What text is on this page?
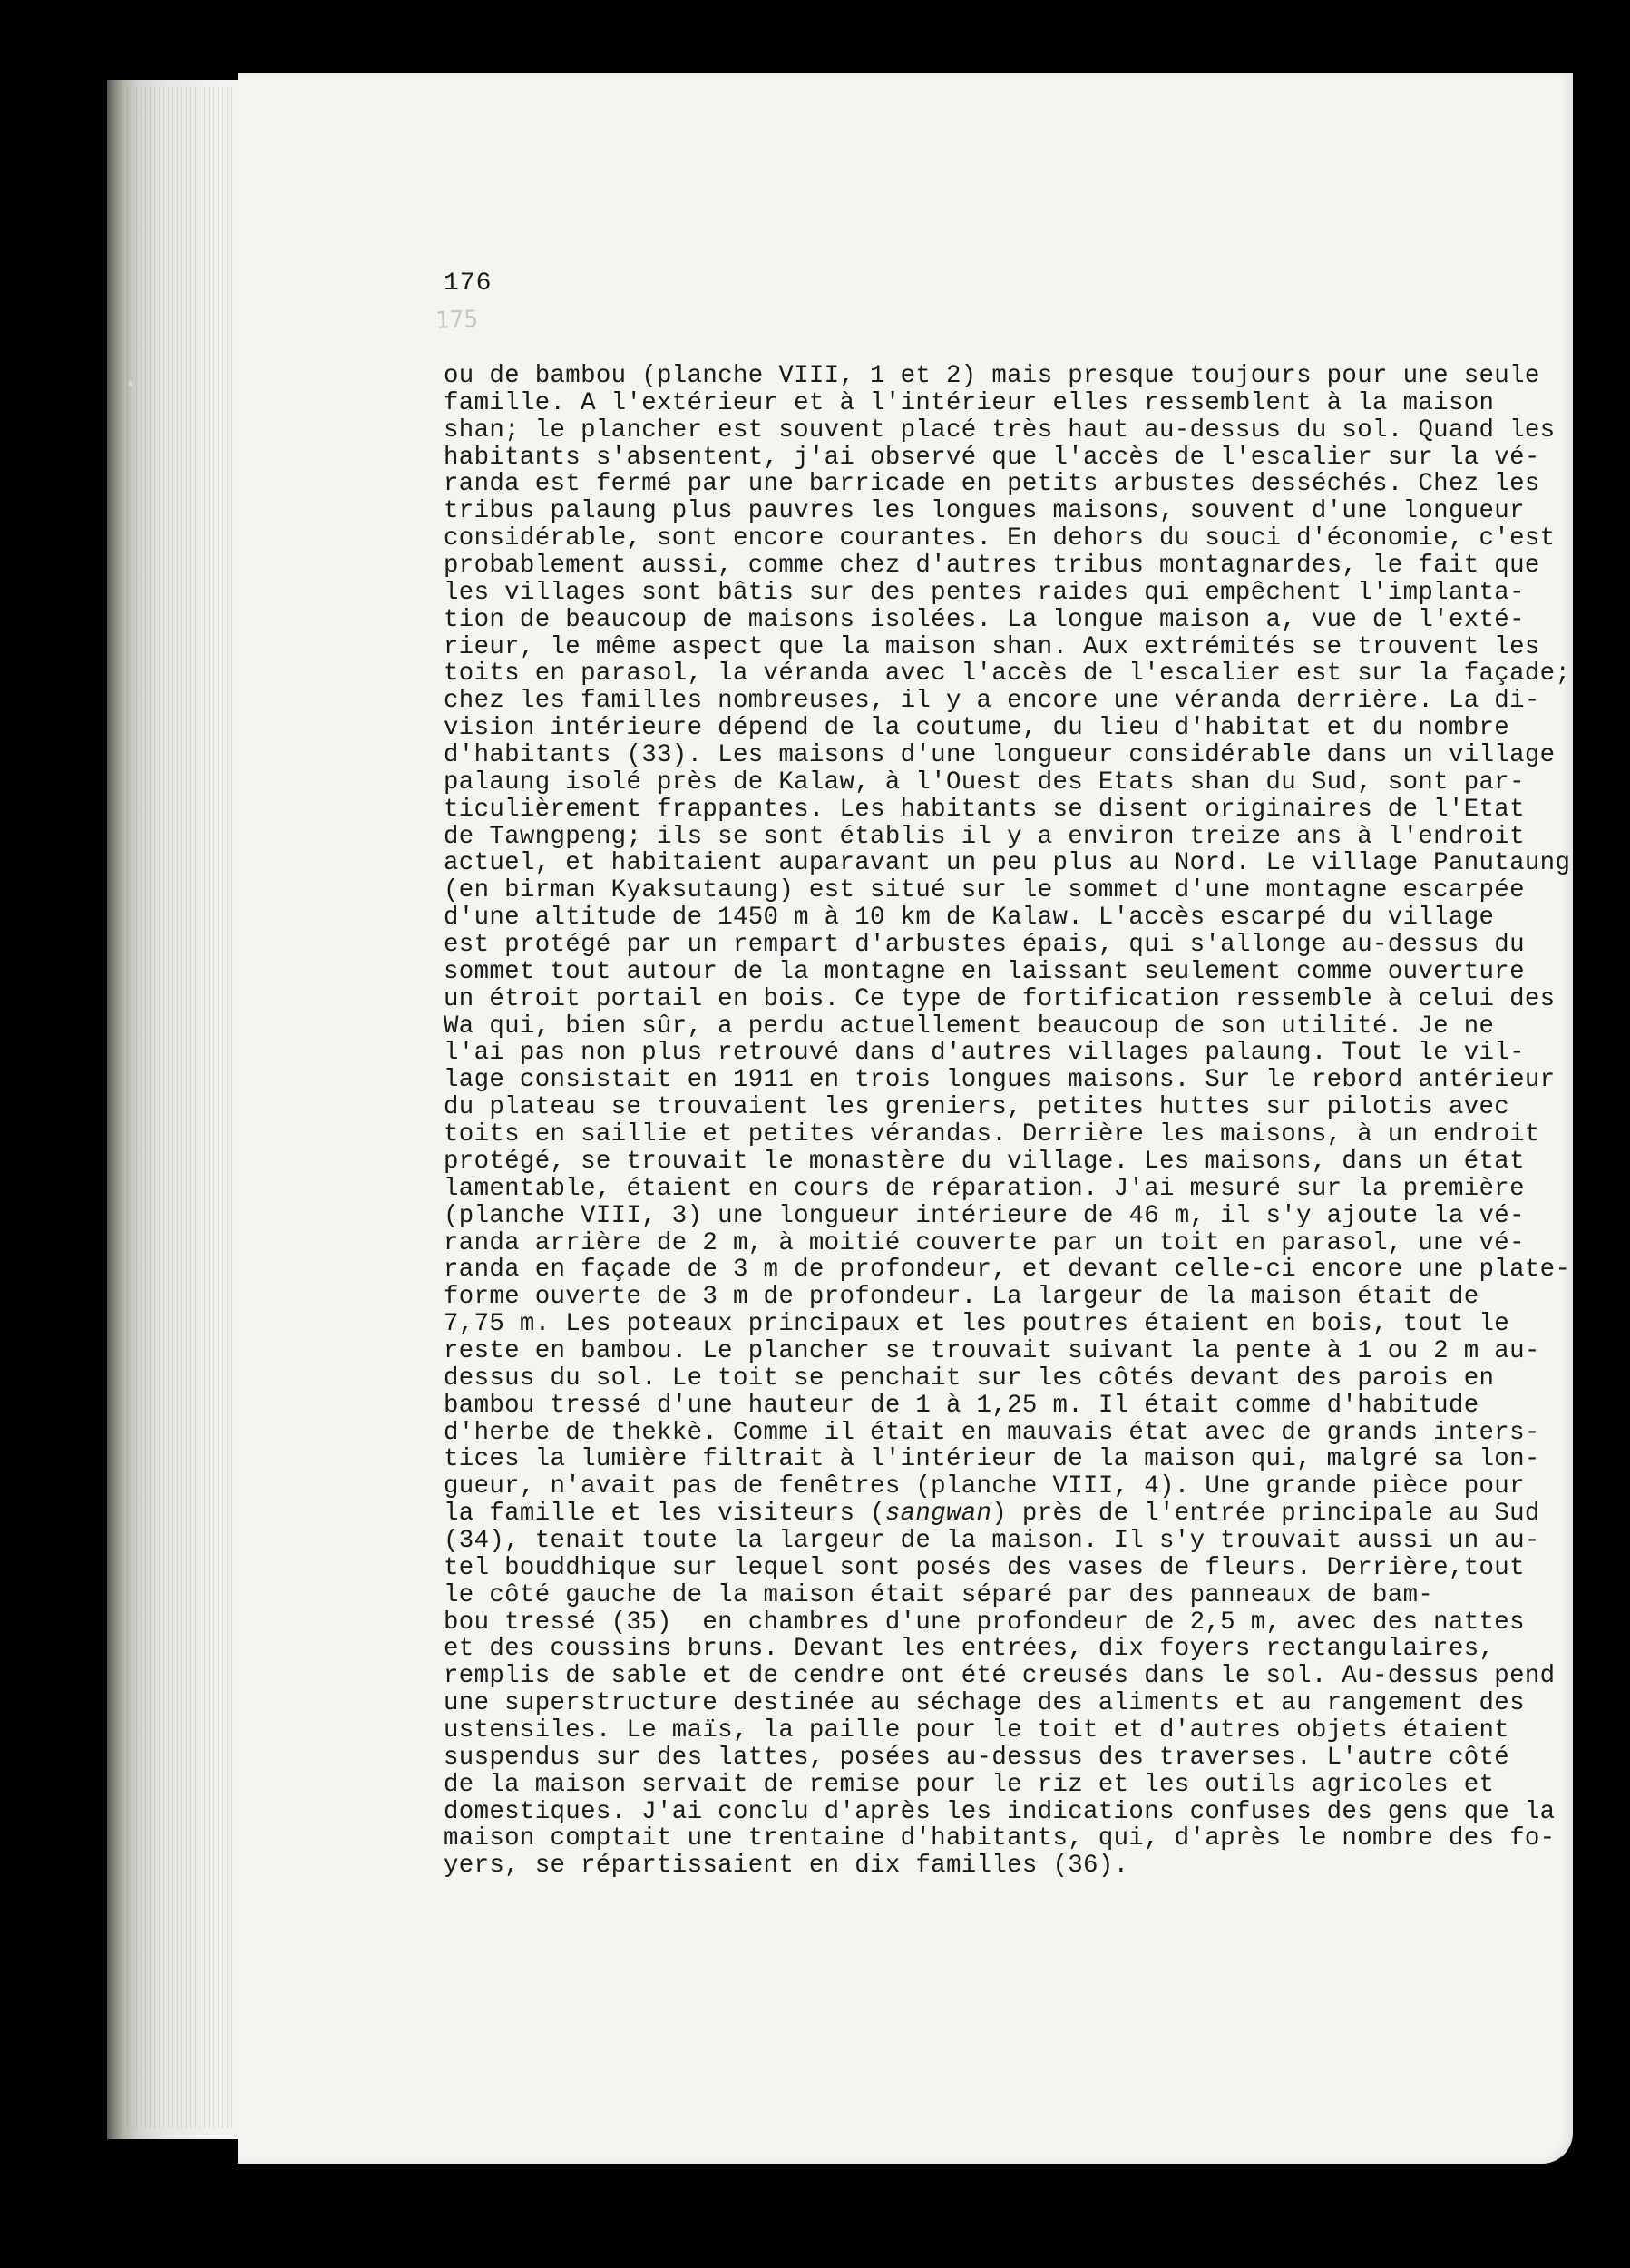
175
176
ou de bambou (planche VIII, 1 et 2) mais presque toujours pour une seule
famille. A l'extérieur et à l'intérieur elles ressemblent à la maison
shan; le plancher est souvent placé très haut au-dessus du sol. Quand les
habitants s'absentent, j'ai observé que l'accès de l'escalier sur la vé-
randa est fermé par une barricade en petits arbustes desséchés. Chez les
tribus palaung plus pauvres les longues maisons, souvent d'une longueur
considérable, sont encore courantes. En dehors du souci d'économie, c'est
probablement aussi, comme chez d'autres tribus montagnardes, le fait que
les villages sont bâtis sur des pentes raides qui empêchent l'implanta-
tion de beaucoup de maisons isolées. La longue maison a, vue de l'exté-
rieur, le même aspect que la maison shan. Aux extrémités se trouvent les
toits en parasol, la véranda avec l'accès de l'escalier est sur la façade;
chez les familles nombreuses, il y a encore une véranda derrière. La di-
vision intérieure dépend de la coutume, du lieu d'habitat et du nombre
d'habitants (33). Les maisons d'une longueur considérable dans un village
palaung isolé près de Kalaw, à l'Ouest des Etats shan du Sud, sont par-
ticulièrement frappantes. Les habitants se disent originaires de l'Etat
de Tawngpeng; ils se sont établis il y a environ treize ans à l'endroit
actuel, et habitaient auparavant un peu plus au Nord. Le village Panutaung
(en birman Kyaksutaung) est situé sur le sommet d'une montagne escarpée
d'une altitude de 1450 m à 10 km de Kalaw. L'accès escarpé du village
est protégé par un rempart d'arbustes épais, qui s'allonge au-dessus du
sommet tout autour de la montagne en laissant seulement comme ouverture
un étroit portail en bois. Ce type de fortification ressemble à celui des
Wa qui, bien sûr, a perdu actuellement beaucoup de son utilité. Je ne
l'ai pas non plus retrouvé dans d'autres villages palaung. Tout le vil-
lage consistait en 1911 en trois longues maisons. Sur le rebord antérieur
du plateau se trouvaient les greniers, petites huttes sur pilotis avec
toits en saillie et petites vérandas. Derrière les maisons, à un endroit
protégé, se trouvait le monastère du village. Les maisons, dans un état
lamentable, étaient en cours de réparation. J'ai mesuré sur la première
(planche VIII, 3) une longueur intérieure de 46 m, il s'y ajoute la vé-
randa arrière de 2 m, à moitié couverte par un toit en parasol, une vé-
randa en façade de 3 m de profondeur, et devant celle-ci encore une plate-
forme ouverte de 3 m de profondeur. La largeur de la maison était de
7,75 m. Les poteaux principaux et les poutres étaient en bois, tout le
reste en bambou. Le plancher se trouvait suivant la pente à 1 ou 2 m au-
dessus du sol. Le toit se penchait sur les côtés devant des parois en
bambou tressé d'une hauteur de 1 à 1,25 m. Il était comme d'habitude
d'herbe de thekkè. Comme il était en mauvais état avec de grands inters-
tices la lumière filtrait à l'intérieur de la maison qui, malgré sa lon-
gueur, n'avait pas de fenêtres (planche VIII, 4). Une grande pièce pour
la famille et les visiteurs (sangwan) près de l'entrée principale au Sud
(34), tenait toute la largeur de la maison. Il s'y trouvait aussi un au-
tel bouddhique sur lequel sont posés des vases de fleurs. Derrière,tout
le côté gauche de la maison était séparé par des panneaux de bam-
bou tressé (35)  en chambres d'une profondeur de 2,5 m, avec des nattes
et des coussins bruns. Devant les entrées, dix foyers rectangulaires,
remplis de sable et de cendre ont été creusés dans le sol. Au-dessus pend
une superstructure destinée au séchage des aliments et au rangement des
ustensiles. Le maïs, la paille pour le toit et d'autres objets étaient
suspendus sur des lattes, posées au-dessus des traverses. L'autre côté
de la maison servait de remise pour le riz et les outils agricoles et
domestiques. J'ai conclu d'après les indications confuses des gens que la
maison comptait une trentaine d'habitants, qui, d'après le nombre des fo-
yers, se répartissaient en dix familles (36).
